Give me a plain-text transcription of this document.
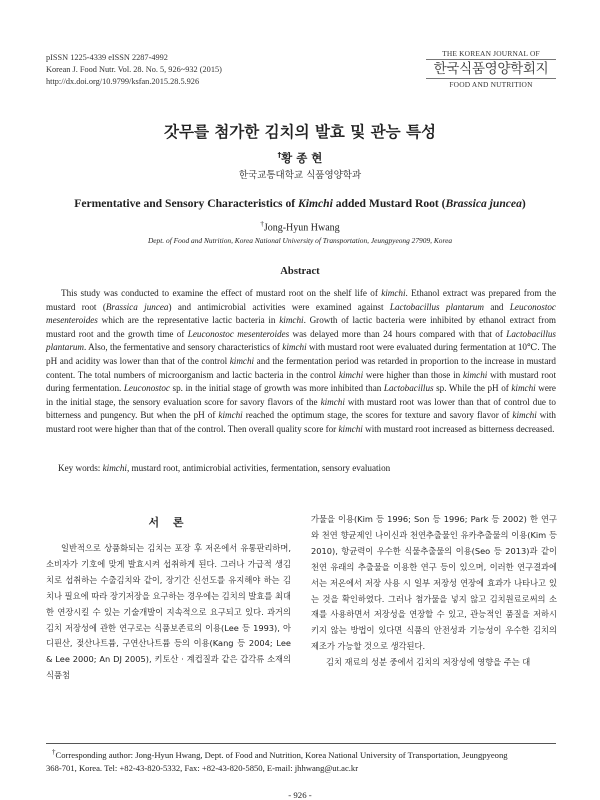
pISSN 1225-4339 eISSN 2287-4992
Korean J. Food Nutr. Vol. 28. No. 5, 926~932 (2015)
http://dx.doi.org/10.9799/ksfan.2015.28.5.926
THE KOREAN JOURNAL OF
한국식품영양학회지
FOOD AND NUTRITION
갓무를 첨가한 김치의 발효 및 관능 특성
†황 종 현
한국교통대학교 식품영양학과
Fermentative and Sensory Characteristics of Kimchi added Mustard Root (Brassica juncea)
†Jong-Hyun Hwang
Dept. of Food and Nutrition, Korea National University of Transportation, Jeungpyeong 27909, Korea
Abstract

This study was conducted to examine the effect of mustard root on the shelf life of kimchi. Ethanol extract was prepared from the mustard root (Brassica juncea) and antimicrobial activities were examined against Lactobacillus plantarum and Leuconostoc mesenteroides which are the representative lactic bacteria in kimchi. Growth of lactic bacteria were inhibited by ethanol extract from mustard root and the growth time of Leuconostoc mesenteroides was delayed more than 24 hours compared with that of Lactobacillus plantarum. Also, the fermentative and sensory characteristics of kimchi with mustard root were evaluated during fermentation at 10℃. The pH and acidity was lower than that of the control kimchi and the fermentation period was retarded in proportion to the increase in mustard content. The total numbers of microorganism and lactic bacteria in the control kimchi were higher than those in kimchi with mustard root during fermentation. Leuconostoc sp. in the initial stage of growth was more inhibited than Lactobacillus sp. While the pH of kimchi were in the initial stage, the sensory evaluation score for savory flavors of the kimchi with mustard root was lower than that of control due to bitterness and pungency. But when the pH of kimchi reached the optimum stage, the scores for texture and savory flavor of kimchi with mustard root were higher than that of the control. Then overall quality score for kimchi with mustard root increased as bitterness decreased.

Key words: kimchi, mustard root, antimicrobial activities, fermentation, sensory evaluation
서 론

일반적으로 상품화되는 김치는 포장 후 저온에서 유통판리하며, 소비자가 기호에 맞게 발효시켜 섭취하게 된다. 그러나 가급적 생김치로 섭취하는 수출김치와 같이, 장기간 신선도를 유지해야 하는 김치나 필요에 따라 장기저장을 요구하는 경우에는 김치의 발효를 최대한 연장시킬 수 있는 기술개발이 지속적으로 요구되고 있다. 과거의 김치 저장성에 관한 연구로는 식품보존료의 이용(Lee 등 1993), 아디핀산, 젖산나트륨, 구연산나트륨 등의 이용(Kang 등 2004; Lee & Lee 2000; An DJ 2005), 키토산 · 계컵질과 같은 갑각류 소재의 식품첨

가물을 이용(Kim 등 1996; Son 등 1996; Park 등 2002) 한 연구와 천연 향균제인 나이신과 천연추출물인 유카추출물의 이용(Kim 등 2010), 항균력이 우수한 식물추출물의 이용(Seo 등 2013)과 같이 천연 유래의 추출물을 이용한 연구 등이 있으며, 이러한 연구결과에서는 저온에서 저장 사용 시 일부 저장성 연장에 효과가 나타나고 있는 것을 확인하였다. 그러나 첨가물을 넣지 않고 김치원료로써의 소재를 사용하면서 저장성을 연장할 수 있고, 관능적인 품질을 저하시키지 않는 방법이 있다면 식품의 안전성과 기능성이 우수한 김치의 제조가 가능할 것으로 생각된다.

김치 재료의 성분 중에서 김치의 저장성에 영향을 주는 대

†Corresponding author: Jong-Hyun Hwang, Dept. of Food and Nutrition, Korea National University of Transportation, Jeungpyeong
368-701, Korea. Tel: +82-43-820-5332, Fax: +82-43-820-5850, E-mail: jhhwang@ut.ac.kr
- 926 -
